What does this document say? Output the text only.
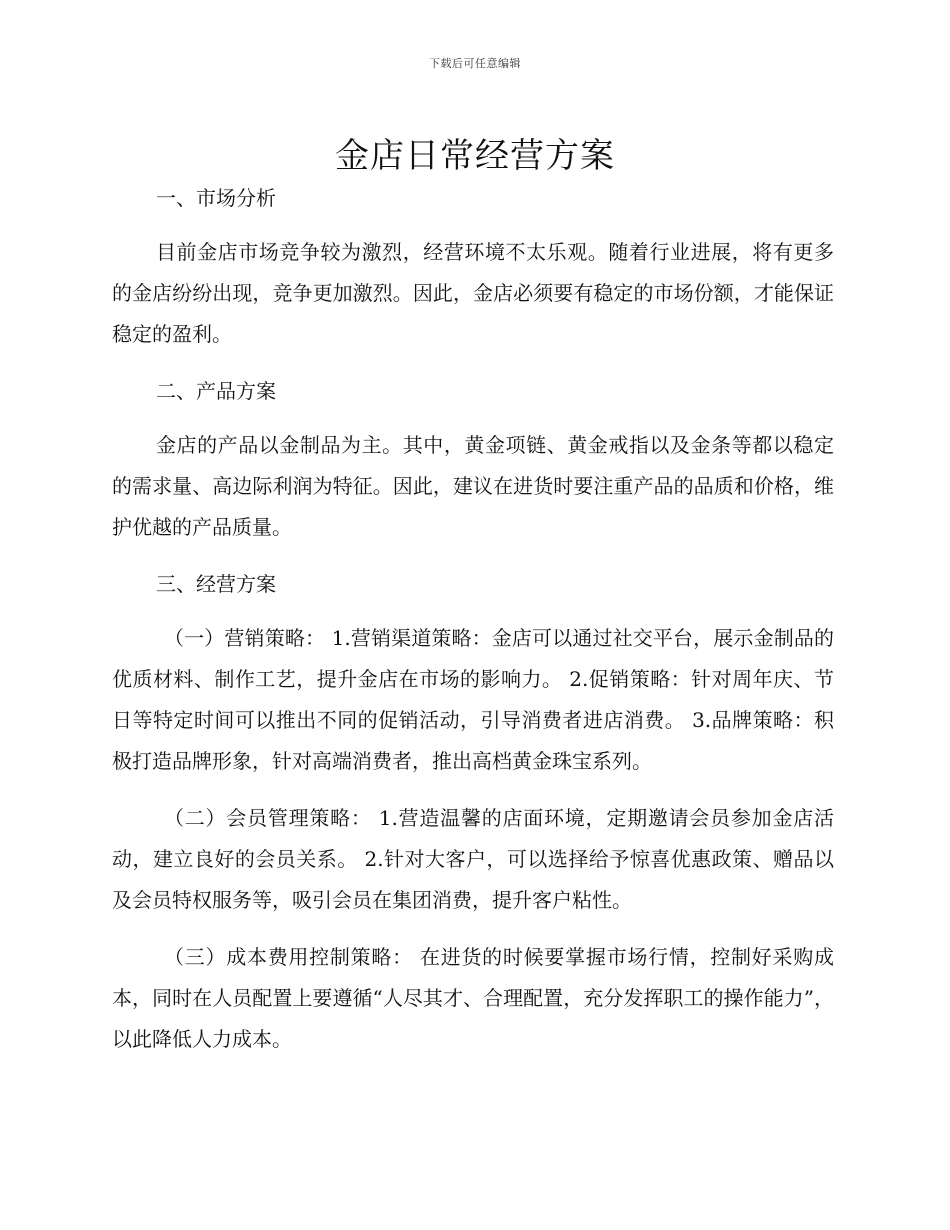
下载后可任意编辑
金店日常经营方案
一、市场分析

目前金店市场竞争较为激烈，经营环境不太乐观。随着行业进展，将有更多的金店纷纷出现，竞争更加激烈。因此，金店必须要有稳定的市场份额，才能保证稳定的盈利。

二、产品方案

金店的产品以金制品为主。其中，黄金项链、黄金戒指以及金条等都以稳定的需求量、高边际利润为特征。因此，建议在进货时要注重产品的品质和价格，维护优越的产品质量。

三、经营方案

（一）营销策略： 1.营销渠道策略：金店可以通过社交平台，展示金制品的优质材料、制作工艺，提升金店在市场的影响力。 2.促销策略：针对周年庆、节日等特定时间可以推出不同的促销活动，引导消费者进店消费。 3.品牌策略：积极打造品牌形象，针对高端消费者，推出高档黄金珠宝系列。

（二）会员管理策略： 1.营造温馨的店面环境，定期邀请会员参加金店活动，建立良好的会员关系。 2.针对大客户，可以选择给予惊喜优惠政策、赠品以及会员特权服务等，吸引会员在集团消费，提升客户粘性。

（三）成本费用控制策略： 在进货的时候要掌握市场行情，控制好采购成本，同时在人员配置上要遵循“人尽其才、合理配置，充分发挥职工的操作能力”，以此降低人力成本。
